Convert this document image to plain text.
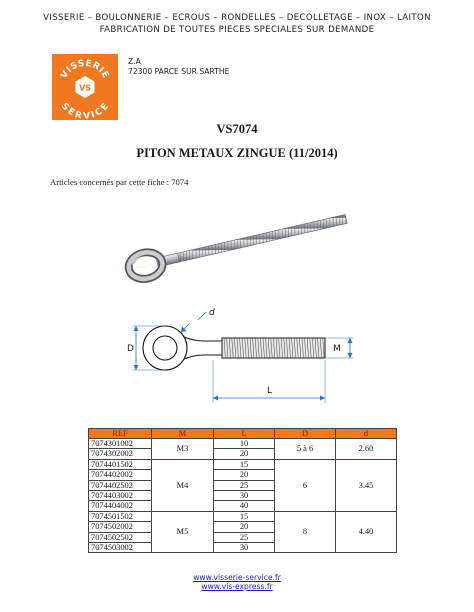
VISSERIE – BOULONNERIE – ECROUS – RONDELLES – DECOLLETAGE – INOX – LAITON
FABRICATION DE TOUTES PIECES SPECIALES SUR DEMANDE
VISSERIE
SERVICE
VS
Z.A
72300 PARCE SUR SARTHE
VS7074
PITON METAUX ZINGUE (11/2014)
Articles concernés par cette fiche : 7074
D
d
M
L
REF	M	L	D	d
7074301002	M3	10	5 à 6	2.60
7074302002		20		
7074401502	M4	15	6	3.45
7074402002		20		
7074402502		25		
7074403002		30		
7074404002		40		
7074501502	M5	15	8	4.40
7074502002		20		
7074502502		25		
7074503002		30		
www.visserie-service.fr
www.vis-express.fr
